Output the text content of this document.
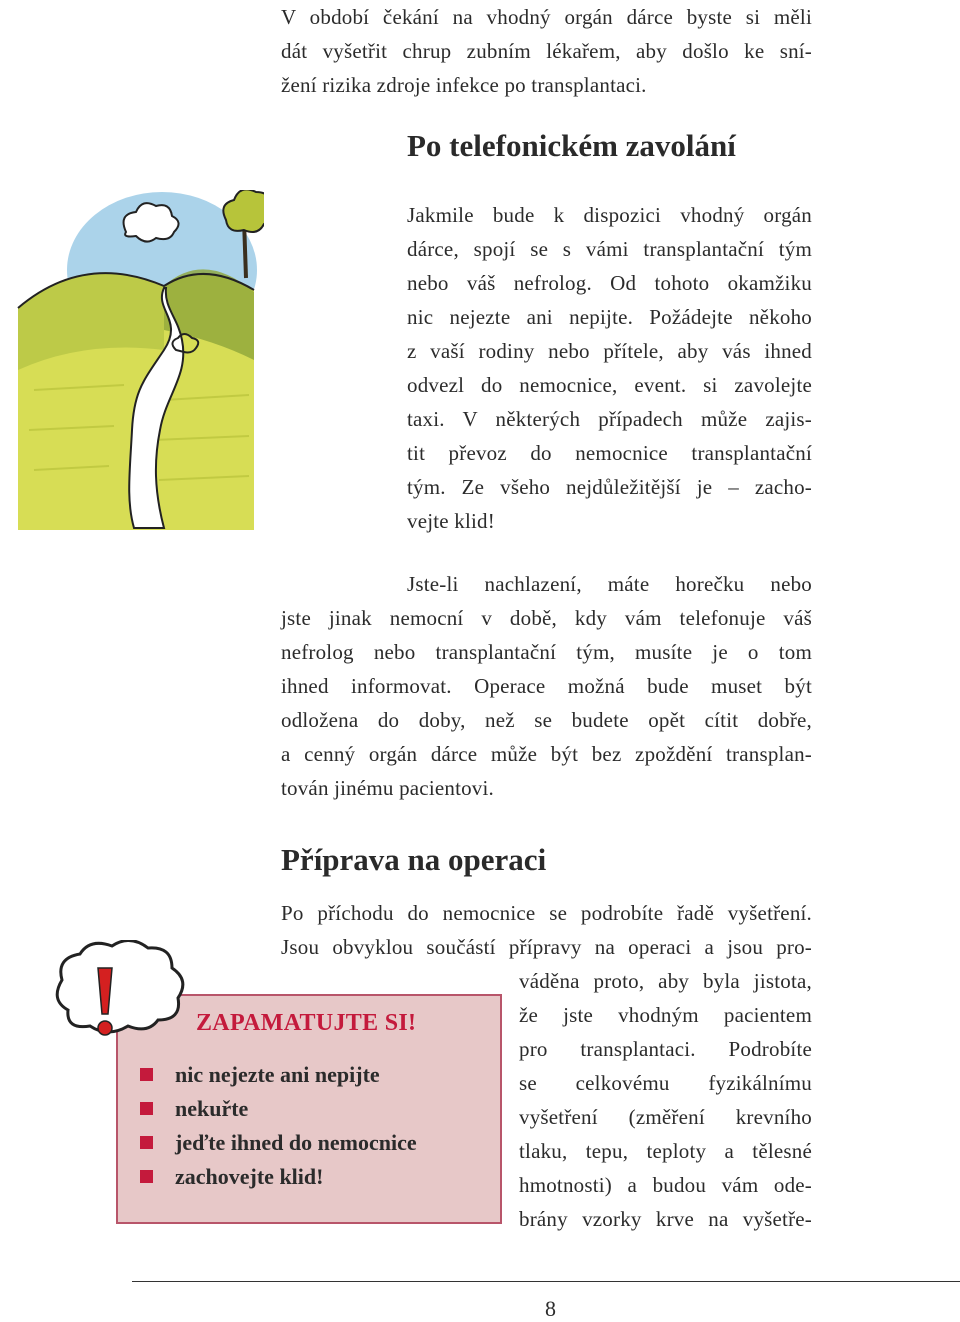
V období čekání na vhodný orgán dárce byste si měli
dát vyšetřit chrup zubním lékařem, aby došlo ke sní-
žení rizika zdroje infekce po transplantaci.
Po telefonickém zavolání
Jakmile bude k dispozici vhodný orgán
dárce, spojí se s vámi transplantační tým
nebo váš nefrolog. Od tohoto okamžiku
nic nejezte ani nepijte. Požádejte někoho
z vaší rodiny nebo přítele, aby vás ihned
odvezl do nemocnice, event. si zavolejte
taxi. V některých případech může zajis-
tit převoz do nemocnice transplantační
tým. Ze všeho nejdůležitější je – zacho-
vejte klid!
Jste-li nachlazení, máte horečku nebo
jste jinak nemocní v době, kdy vám telefonuje váš
nefrolog nebo transplantační tým, musíte je o tom
ihned informovat. Operace možná bude muset být
odložena do doby, než se budete opět cítit dobře,
a cenný orgán dárce může být bez zpoždění transplan-
tován jinému pacientovi.
Příprava na operaci
Po příchodu do nemocnice se podrobíte řadě vyšetření.
Jsou obvyklou součástí přípravy na operaci a jsou pro-
váděna proto, aby byla jistota,
že jste vhodným pacientem
pro transplantaci. Podrobíte
se celkovému fyzikálnímu
vyšetření (změření krevního
tlaku, tepu, teploty a tělesné
hmotnosti) a budou vám ode-
brány vzorky krve na vyšetře-
ZAPAMATUJTE SI!
nic nejezte ani nepijte
nekuřte
jeďte ihned do nemocnice
zachovejte klid!
8
